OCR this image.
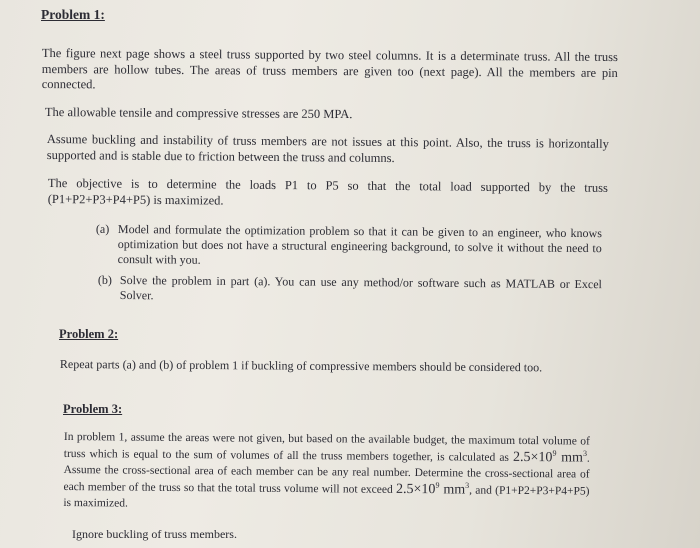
Problem 1:

The figure next page shows a steel truss supported by two steel columns. It is a determinate truss. All the truss members are hollow tubes. The areas of truss members are given too (next page). All the members are pin connected.

The allowable tensile and compressive stresses are 250 MPA.

Assume buckling and instability of truss members are not issues at this point. Also, the truss is horizontally supported and is stable due to friction between the truss and columns.

The objective is to determine the loads P1 to P5 so that the total load supported by the truss (P1+P2+P3+P4+P5) is maximized.

(a) Model and formulate the optimization problem so that it can be given to an engineer, who knows optimization but does not have a structural engineering background, to solve it without the need to consult with you.
(b) Solve the problem in part (a). You can use any method/or software such as MATLAB or Excel Solver.

Problem 2:

Repeat parts (a) and (b) of problem 1 if buckling of compressive members should be considered too.

Problem 3:

In problem 1, assume the areas were not given, but based on the available budget, the maximum total volume of truss which is equal to the sum of volumes of all the truss members together, is calculated as $2.5\times 10^9$ $mm^3$. Assume the cross-sectional area of each member can be any real number. Determine the cross-sectional area of each member of the truss so that the total truss volume will not exceed $2.5\times 10^9$ $mm^3$, and (P1+P2+P3+P4+P5) is maximized.

Ignore buckling of truss members.
